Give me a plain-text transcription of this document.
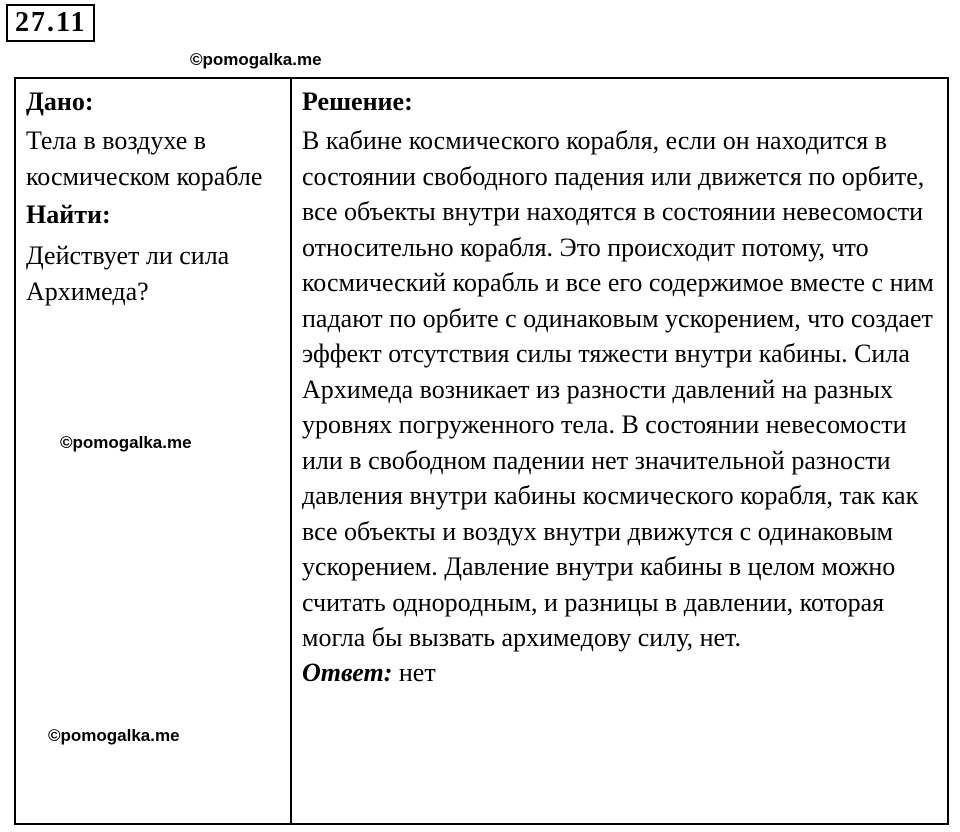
27.11
©pomogalka.me

Дано:

Тела в воздухе в космическом корабле

Найти:

Действует ли сила Архимеда?

Решение:

В кабине космического корабля, если он находится в состоянии свободного падения или движется по орбите, все объекты внутри находятся в состоянии невесомости относительно корабля. Это происходит потому, что космический корабль и все его содержимое вместе с ним падают по орбите с одинаковым ускорением, что создает эффект отсутствия силы тяжести внутри кабины. Сила Архимеда возникает из разности давлений на разных уровнях погруженного тела. В состоянии невесомости или в свободном падении нет значительной разности давления внутри кабины космического корабля, так как все объекты и воздух внутри движутся с одинаковым ускорением. Давление внутри кабины в целом можно считать однородным, и разницы в давлении, которая могла бы вызвать архимедову силу, нет.

Ответ: нет

©pomogalka.me
©pomogalka.me
